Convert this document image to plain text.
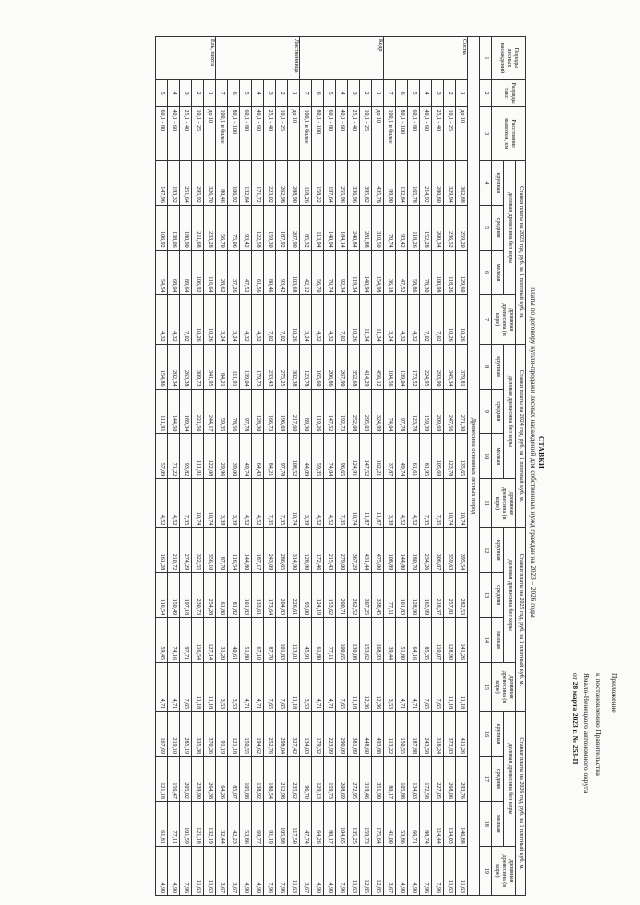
Приложение
к постановлению Правительства
Ямало-Ненецкого автономного округа
от 28 марта 2023 г. № 253-П
СТАВКИ
платы по договору купли-продажи лесных насаждений для собственных нужд граждан на 2023 – 2026 годы
Породы лесных насаждений	Разряды такс	Расстояние вывозки, км	Ставки платы на 2023 год, руб. за 1 плотный куб. м.				Ставки платы на 2024 год, руб. за 1 плотный куб. м.				Ставки платы на 2025 год, руб. за 1 плотный куб. м.				Ставки платы на 2026 год, руб. за 1 плотный куб. м.			
			деловая древесина без коры			дровяная древесина (в коре)	деловая древесина без коры			дровяная древесина (в коре)	деловая древесина без коры			дровяная древесина (в коре)	деловая древесина без коры			дровяная древесина (в коре)
			крупная	средняя	мелкая		крупная	средняя	мелкая		крупная	средняя	мелкая		крупная	средняя	мелкая	
1	2	3	4	5	6	7	8	9	10	11	12	13	14	15	16	17	18	19
Древесина основных лесных пород																		
Сосна	1	до 10	362,88	259,20	129,60	10,26	379,81	271,30	135,65	10,74	395,54	282,53	141,26	11,18	411,26	293,76	146,88	11,63
	2	10,1 - 25	329,94	236,52	118,26	10,26	345,34	247,56	123,78	10,74	359,63	257,81	128,90	11,18	373,93	268,06	134,03	11,63
	3	25,1 - 40	280,80	200,34	100,98	7,02	293,90	209,69	105,69	7,35	306,07	218,37	110,07	7,65	318,24	227,05	114,44	7,96
	4	40,1 - 60	214,92	152,28	78,30	7,02	224,95	159,39	81,95	7,35	234,26	165,99	85,35	7,65	243,58	172,58	88,74	7,96
	5	60,1 - 80	165,78	118,26	58,86	4,32	173,52	123,78	61,61	4,52	180,70	128,90	64,16	4,71	187,88	134,03	66,71	4,90
	6	80,1 - 100	132,84	93,42	47,52	4,32	139,04	97,78	49,74	4,52	144,80	101,83	51,80	4,71	150,55	105,88	53,86	4,90
	7	100,1 и более	99,90	70,74	36,18	3,24	104,56	74,04	37,87	3,39	108,89	77,11	39,44	3,53	113,22	80,17	41,00	3,67
Кедр	1	до 10	435,78	310,50	154,98	11,34	456,12	324,99	162,21	11,87	475,00	338,45	168,93	12,36	493,88	351,90	175,64	12,85
	2	10,1 - 25	395,82	281,88	140,94	11,34	414,29	295,03	147,52	11,87	431,44	307,25	153,62	12,36	448,60	319,46	159,73	12,85
	3	25,1 - 40	336,96	240,84	119,34	10,26	352,68	252,08	124,91	10,74	367,29	262,52	130,08	11,18	381,89	272,95	135,25	11,63
	4	40,1 - 60	255,96	184,14	92,34	7,02	267,90	192,73	96,65	7,35	279,00	200,71	100,65	7,65	290,09	208,69	104,65	7,96
	5	60,1 - 80	197,64	140,94	70,74	4,32	206,86	147,52	74,04	4,52	215,43	153,62	77,11	4,71	223,99	159,73	80,17	4,90
	6	80,1 - 100	158,22	113,94	56,70	4,32	165,60	119,26	59,35	4,52	172,46	124,19	61,80	4,71	179,32	129,13	64,26	4,90
	7	100,1 и более	118,26	85,32	42,12	3,24	123,78	89,30	44,09	3,39	128,90	93,00	45,91	3,53	134,03	96,70	47,74	3,67
Лиственница	1	до 10	288,90	207,90	103,68	10,26	302,38	217,60	108,52	10,74	314,90	226,61	113,01	11,18	327,42	235,62	117,50	11,63
	2	10,1 - 25	262,98	187,92	93,42	7,02	275,25	196,69	97,78	7,35	286,65	204,83	101,83	7,65	298,04	212,98	105,88	7,96
	3	25,1 - 40	223,02	159,30	80,46	7,02	233,43	166,73	84,21	7,35	243,09	173,64	87,70	7,65	252,76	180,54	91,19	7,96
	4	40,1 - 60	171,72	122,58	61,56	4,32	179,73	128,30	64,43	4,52	187,17	133,61	67,10	4,71	194,62	138,92	69,77	4,90
	5	60,1 - 80	132,84	93,42	47,52	4,32	139,04	97,78	49,74	4,52	144,80	101,83	51,80	4,71	150,55	105,88	53,86	4,90
	6	80,1 - 100	106,92	75,06	37,26	3,24	111,91	78,56	39,00	3,39	116,54	81,82	40,61	3,53	121,18	85,07	42,23	3,67
	7	100,1 и более	80,46	56,70	28,62	3,24	84,21	59,35	29,96	3,39	87,70	61,80	31,20	3,53	91,19	64,26	32,44	3,67
Ель, пихта	1	до 10	326,70	233,28	116,64	10,26	341,95	244,17	122,08	10,74	356,10	254,28	127,14	11,18	370,26	264,38	132,19	11,63
	2	10,1 - 25	295,92	211,68	106,92	10,26	309,73	221,56	111,91	10,74	322,55	230,73	116,54	11,18	335,38	239,90	121,18	11,63
	3	25,1 - 40	251,64	180,90	89,64	7,02	263,38	189,34	93,82	7,35	274,29	197,18	97,71	7,65	285,19	205,02	101,59	7,96
	4	40,1 - 60	193,32	138,06	68,04	4,32	202,34	144,50	71,22	4,52	210,72	150,49	74,16	4,71	219,10	156,47	77,11	4,90
	5	60,1 - 80	147,96	106,92	54,54	4,32	154,86	111,91	57,09	4,52	161,28	116,54	59,45	4,71	167,69	121,18	61,81	4,90
